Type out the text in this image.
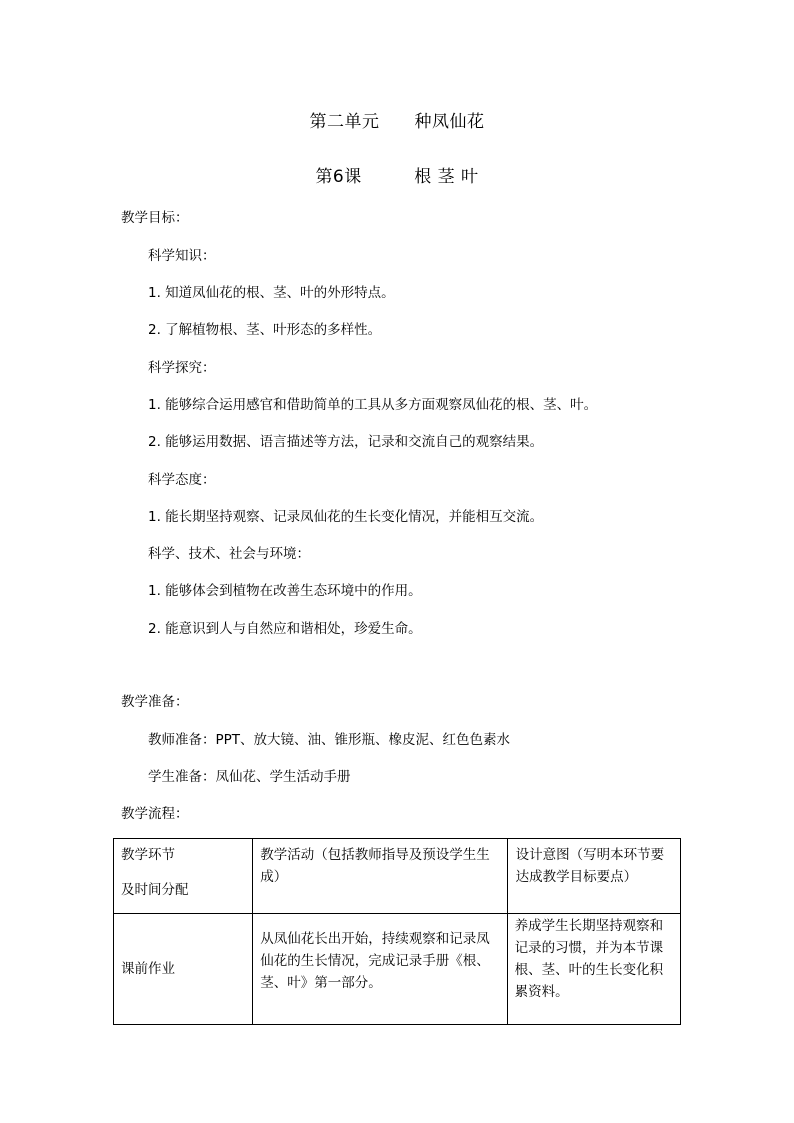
第二单元　　种凤仙花
第6课　　　根 茎 叶
教学目标：
科学知识：
1. 知道凤仙花的根、茎、叶的外形特点。
2. 了解植物根、茎、叶形态的多样性。
科学探究：
1. 能够综合运用感官和借助简单的工具从多方面观察凤仙花的根、茎、叶。
2. 能够运用数据、语言描述等方法，记录和交流自己的观察结果。
科学态度：
1. 能长期坚持观察、记录凤仙花的生长变化情况，并能相互交流。
科学、技术、社会与环境：
1. 能够体会到植物在改善生态环境中的作用。
2. 能意识到人与自然应和谐相处，珍爱生命。
教学准备：
教师准备：PPT、放大镜、油、锥形瓶、橡皮泥、红色色素水
学生准备：凤仙花、学生活动手册
教学流程：
教学环节
及时间分配	教学活动（包括教师指导及预设学生生成）	设计意图（写明本环节要达成教学目标要点）

课前作业	从凤仙花长出开始，持续观察和记录凤仙花的生长情况，完成记录手册《根、茎、叶》第一部分。	养成学生长期坚持观察和记录的习惯，并为本节课根、茎、叶的生长变化积累资料。
